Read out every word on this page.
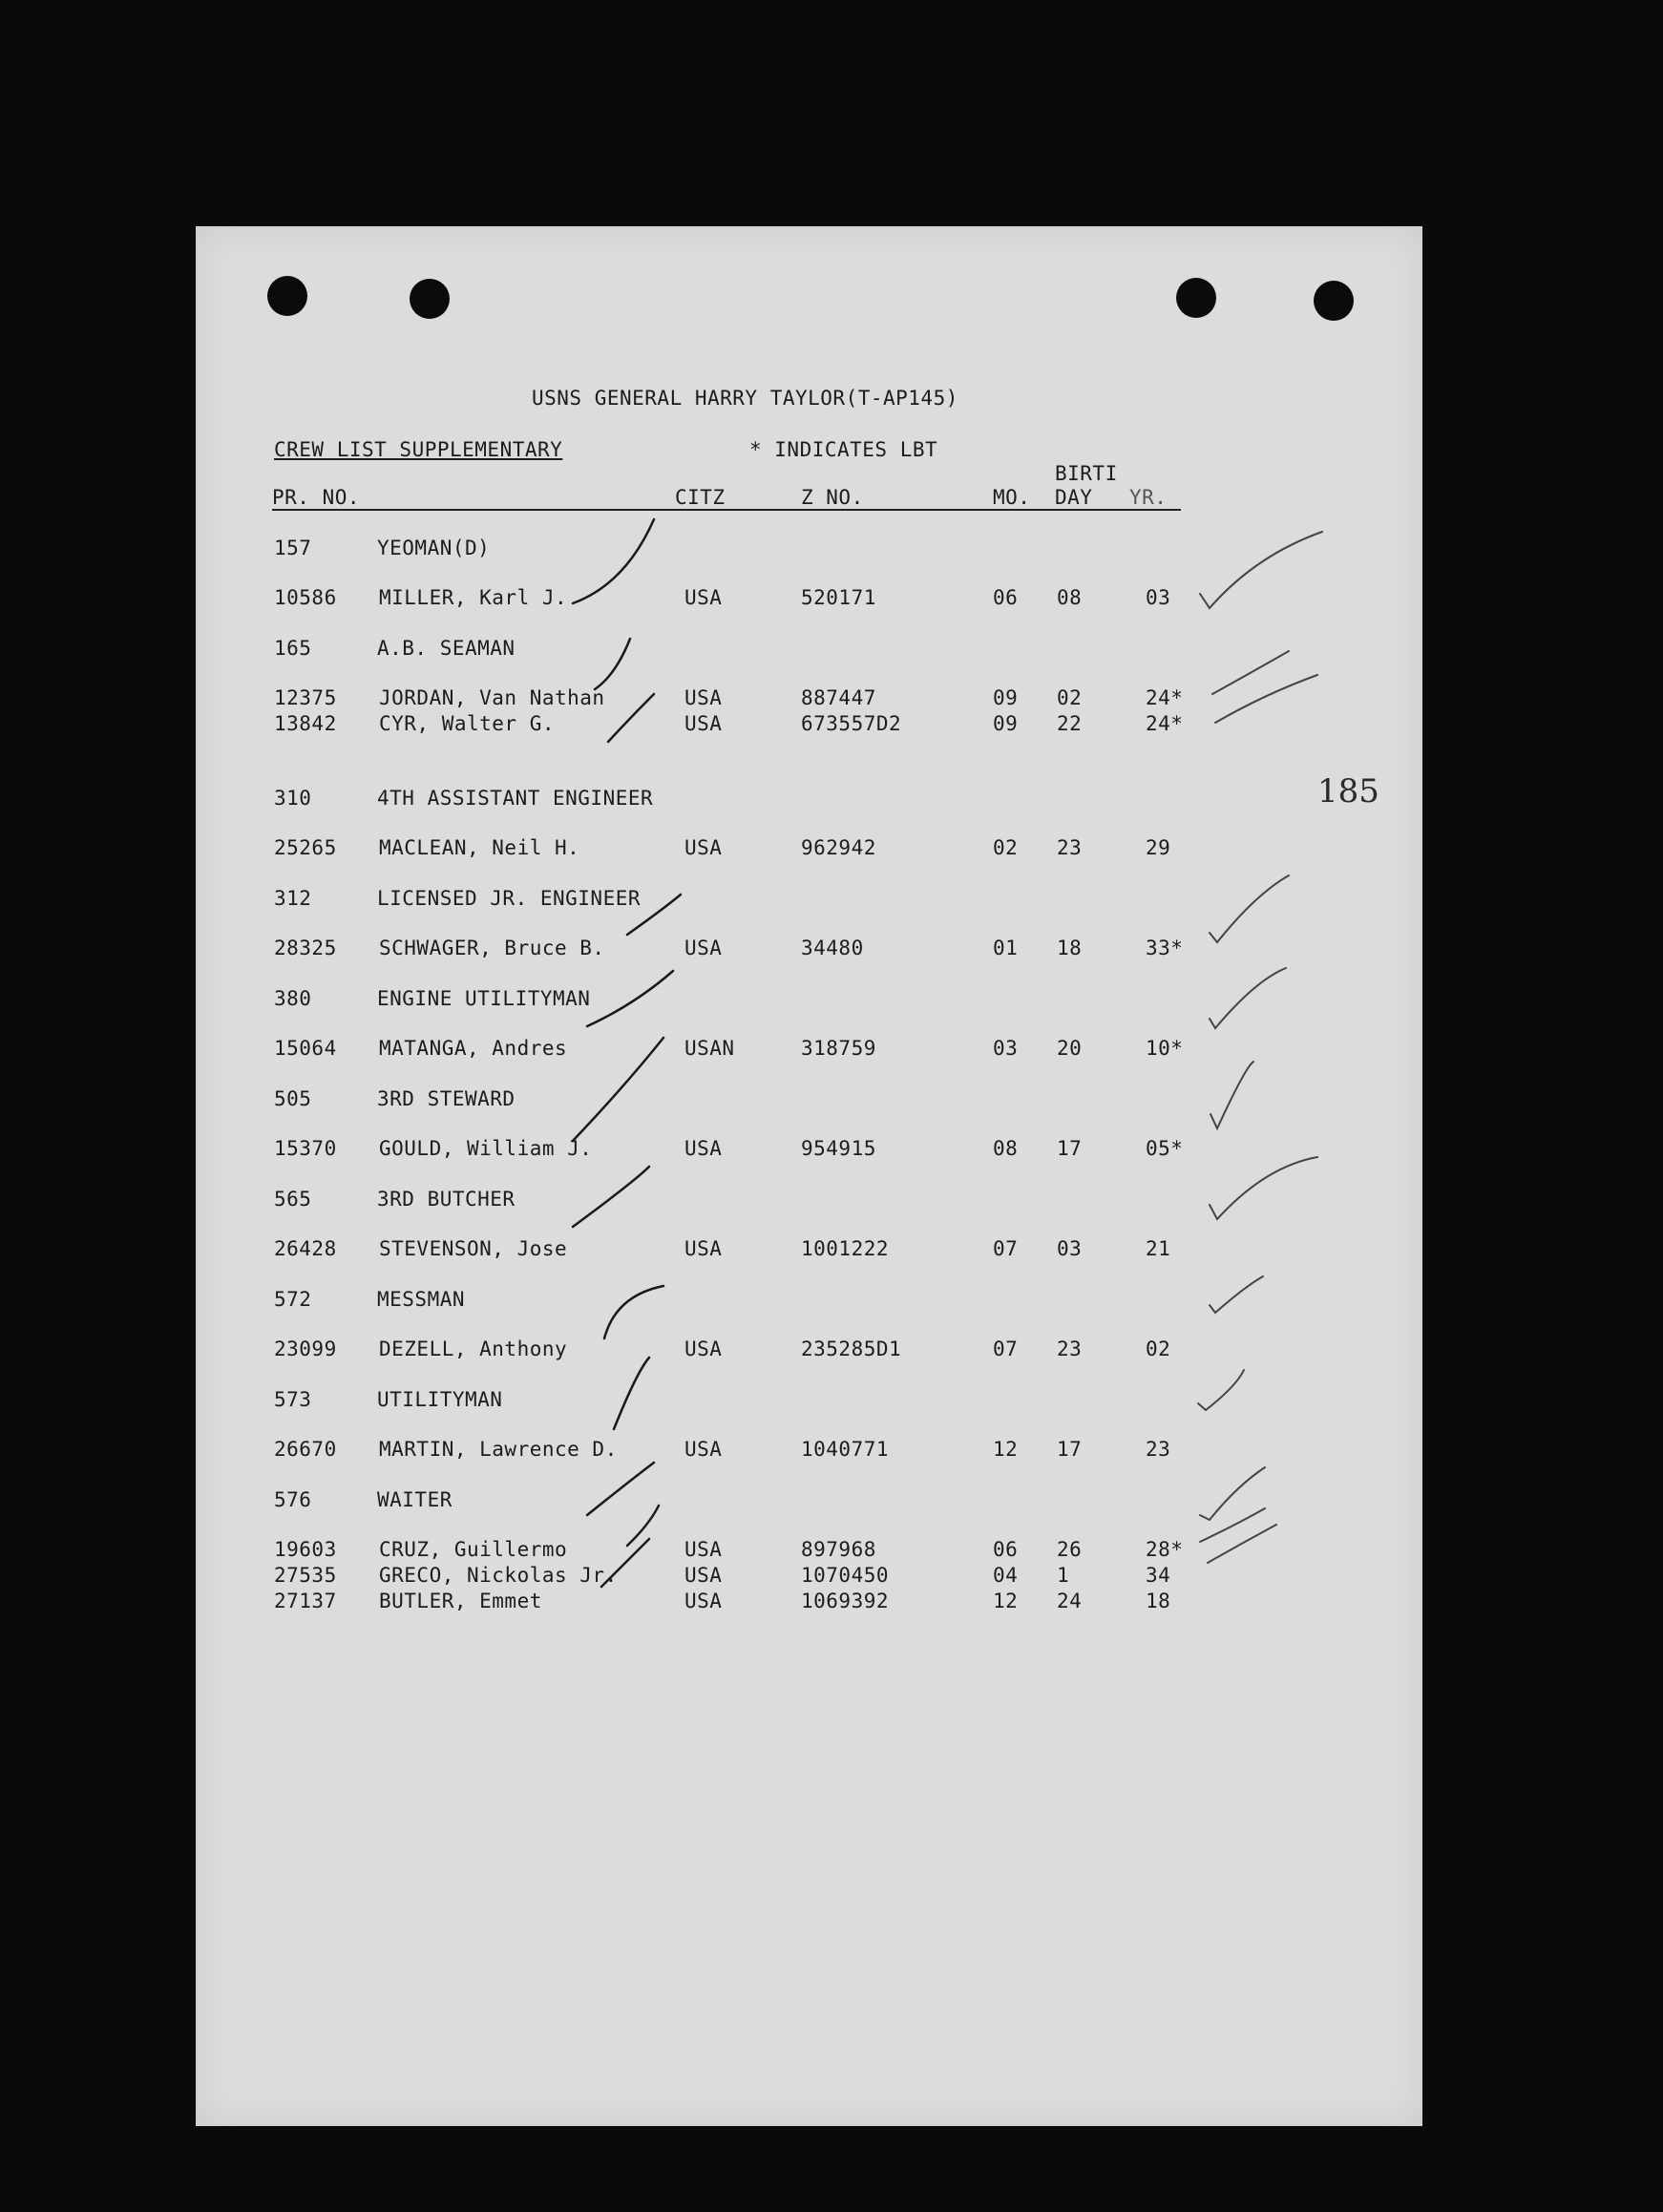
USNS GENERAL HARRY TAYLOR(T-AP145)
CREW LIST SUPPLEMENTARY	* INDICATES LBT
BIRTI
PR. NO.	CITZ	Z NO.	MO. DAY YR.
157	YEOMAN(D)
10586 MILLER, Karl J.	USA	520171	06 08	03
165	A.B. SEAMAN
12375 JORDAN, Van Nathan	USA	887447	09 02	24*
13842 CYR, Walter G.	USA	673557D2	09 22	24*
310	4TH ASSISTANT ENGINEER
25265 MACLEAN, Neil H.	USA	962942	02 23	29
312	LICENSED JR. ENGINEER
28325 SCHWAGER, Bruce B.	USA	34480	01 18	33*
380	ENGINE UTILITYMAN
15064 MATANGA, Andres	USAN	318759	03 20	10*
505	3RD STEWARD
15370 GOULD, William J.	USA	954915	08 17	05*
565	3RD BUTCHER
26428 STEVENSON, Jose	USA	1001222	07 03	21
572	MESSMAN
23099 DEZELL, Anthony	USA	235285D1	07 23	02
573	UTILITYMAN
26670 MARTIN, Lawrence D.	USA	1040771	12 17	23
576	WAITER
19603 CRUZ, Guillermo	USA	897968	06 26	28*
27535 GRECO, Nickolas Jr.	USA	1070450	04 1	34
27137 BUTLER, Emmet	USA	1069392	12 24	18
185
